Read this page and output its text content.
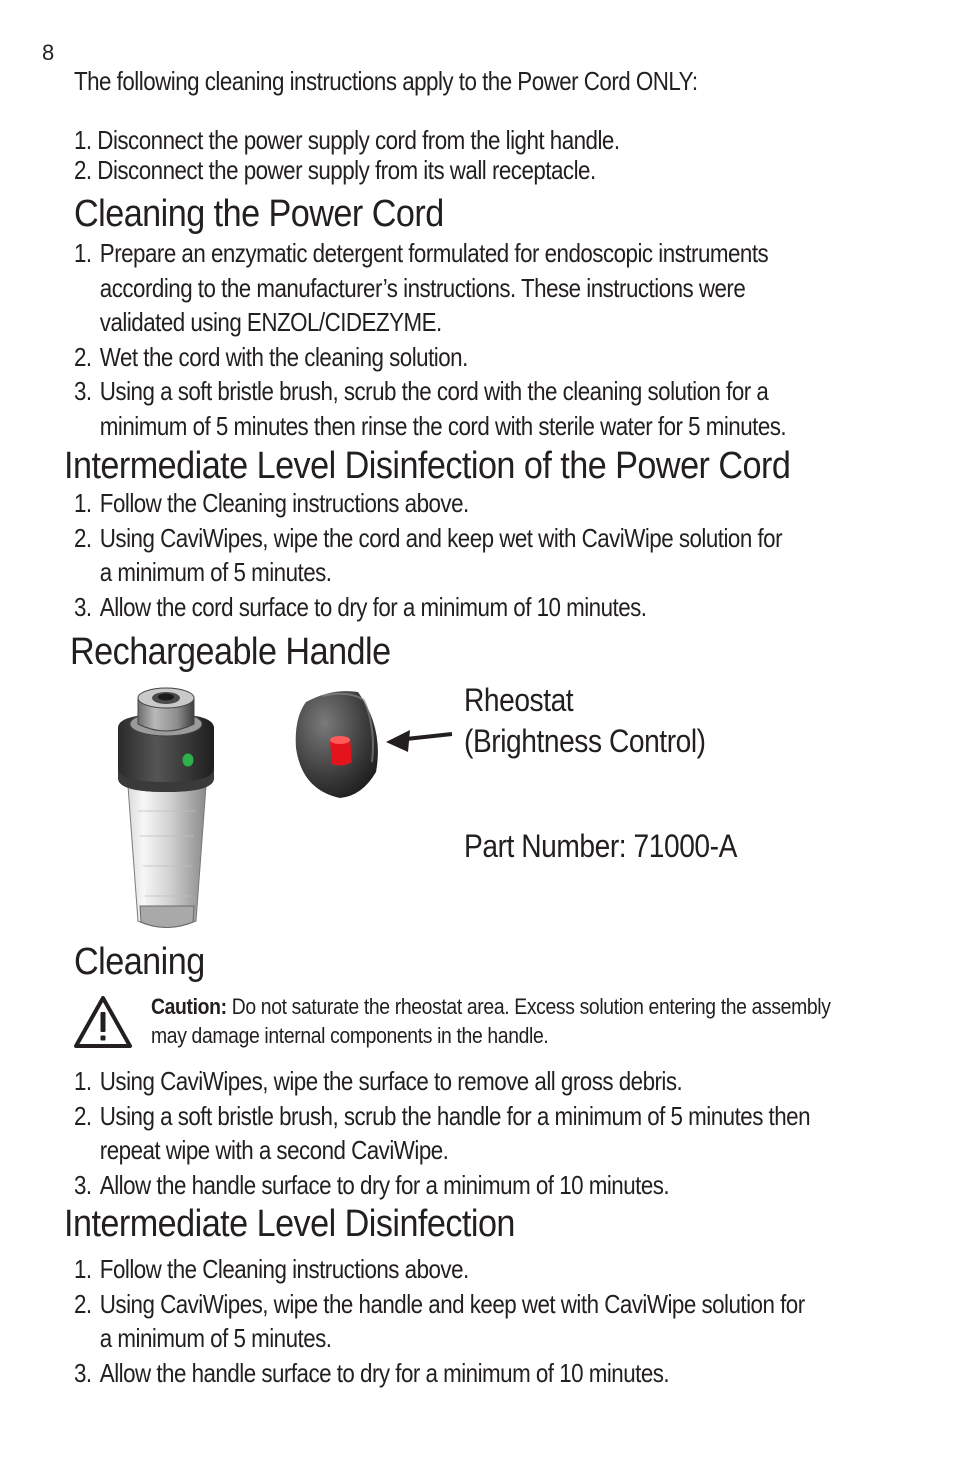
8
The following cleaning instructions apply to the Power Cord ONLY:
1. Disconnect the power supply cord from the light handle.
2. Disconnect the power supply from its wall receptacle.
Cleaning the Power Cord
1. Prepare an enzymatic detergent formulated for endoscopic instruments
according to the manufacturer’s instructions. These instructions were
validated using ENZOL/CIDEZYME.
2. Wet the cord with the cleaning solution.
3. Using a soft bristle brush, scrub the cord with the cleaning solution for a
minimum of 5 minutes then rinse the cord with sterile water for 5 minutes.
Intermediate Level Disinfection of the Power Cord
1. Follow the Cleaning instructions above.
2. Using CaviWipes, wipe the cord and keep wet with CaviWipe solution for
a minimum of 5 minutes.
3. Allow the cord surface to dry for a minimum of 10 minutes.
Rechargeable Handle
Rheostat
(Brightness Control)
Part Number: 71000-A
Cleaning
Caution: Do not saturate the rheostat area. Excess solution entering the assembly
may damage internal components in the handle.
1. Using CaviWipes, wipe the surface to remove all gross debris.
2. Using a soft bristle brush, scrub the handle for a minimum of 5 minutes then
repeat wipe with a second CaviWipe.
3. Allow the handle surface to dry for a minimum of 10 minutes.
Intermediate Level Disinfection
1. Follow the Cleaning instructions above.
2. Using CaviWipes, wipe the handle and keep wet with CaviWipe solution for
a minimum of 5 minutes.
3. Allow the handle surface to dry for a minimum of 10 minutes.
